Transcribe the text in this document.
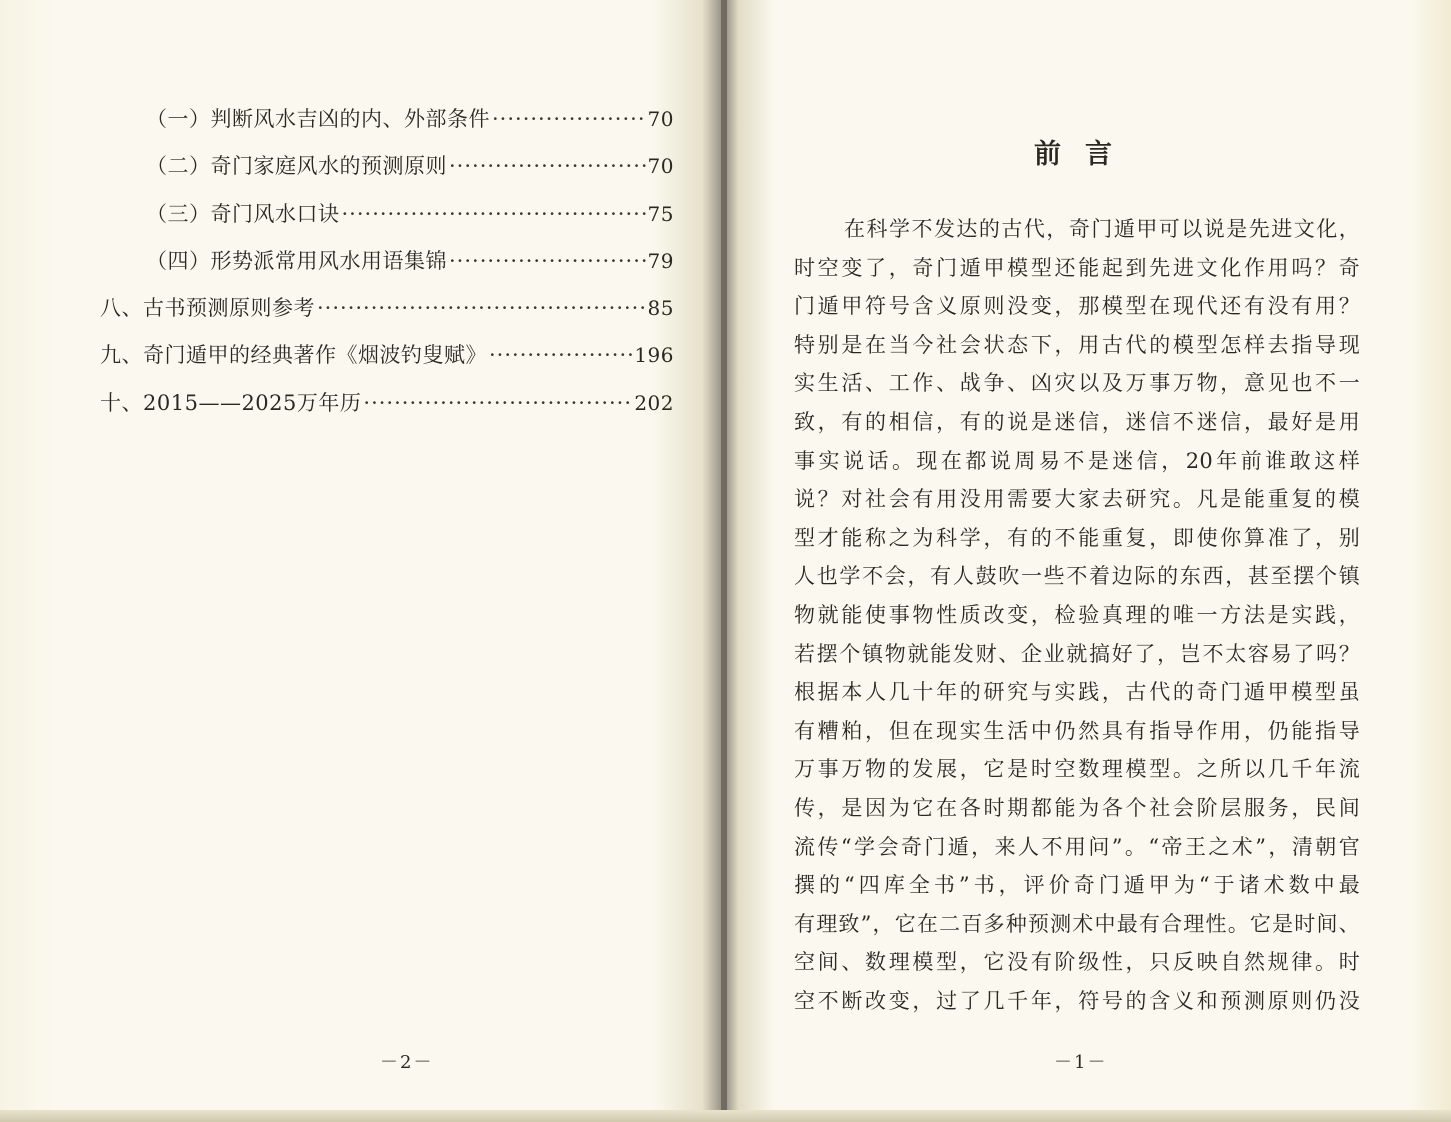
（一）判断风水吉凶的内、外部条件 ·····	70
（二）奇门家庭风水的预测原则 ·····	70
（三）奇门风水口诀 ·····	75
（四）形势派常用风水用语集锦 ·····	79
八、古书预测原则参考 ·····	85
九、奇门遁甲的经典著作《烟波钓叟赋》 ·····	196
十、2015——2025万年历 ·····	202
－2－
前言
在科学不发达的古代，奇门遁甲可以说是先进文化，
时空变了，奇门遁甲模型还能起到先进文化作用吗？奇
门遁甲符号含义原则没变，那模型在现代还有没有用？
特别是在当今社会状态下，用古代的模型怎样去指导现
实生活、工作、战争、凶灾以及万事万物，意见也不一
致，有的相信，有的说是迷信，迷信不迷信，最好是用
事实说话。现在都说周易不是迷信，20年前谁敢这样
说？对社会有用没用需要大家去研究。凡是能重复的模
型才能称之为科学，有的不能重复，即使你算准了，别
人也学不会，有人鼓吹一些不着边际的东西，甚至摆个镇
物就能使事物性质改变，检验真理的唯一方法是实践，
若摆个镇物就能发财、企业就搞好了，岂不太容易了吗？
根据本人几十年的研究与实践，古代的奇门遁甲模型虽
有糟粕，但在现实生活中仍然具有指导作用，仍能指导
万事万物的发展，它是时空数理模型。之所以几千年流
传，是因为它在各时期都能为各个社会阶层服务，民间
流传“学会奇门遁，来人不用问”。“帝王之术”，清朝官
撰的“四库全书”书，评价奇门遁甲为“于诸术数中最
有理致”，它在二百多种预测术中最有合理性。它是时间、
空间、数理模型，它没有阶级性，只反映自然规律。时
空不断改变，过了几千年，符号的含义和预测原则仍没
－1－
